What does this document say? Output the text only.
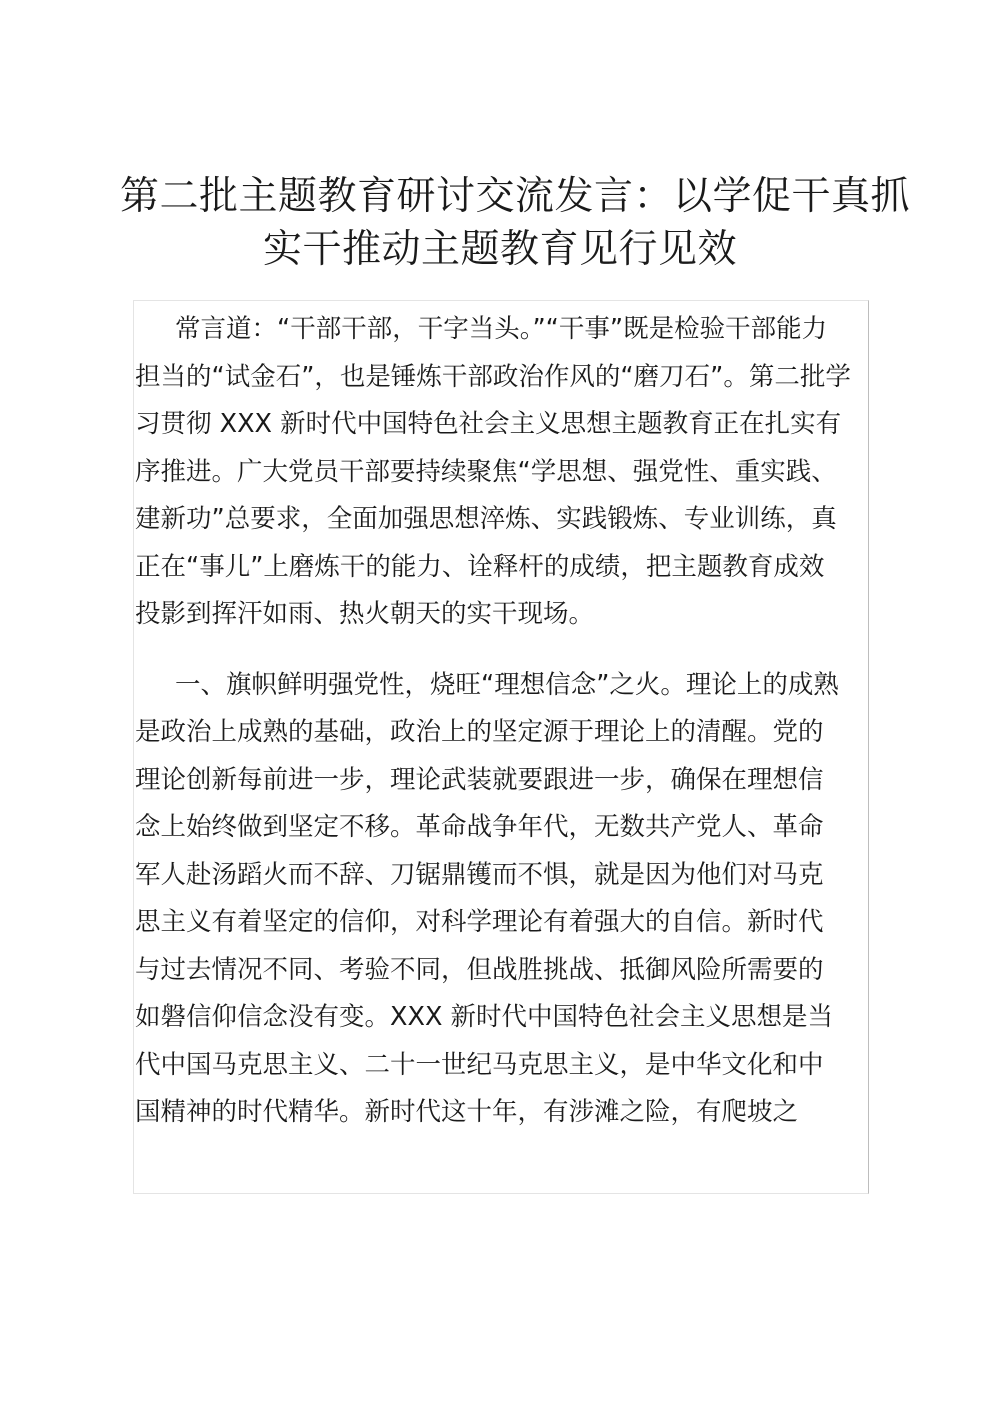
第二批主题教育研讨交流发言：以学促干真抓
实干推动主题教育见行见效

常言道：“干部干部，干字当头。”“干事”既是检验干部能力
担当的“试金石”，也是锤炼干部政治作风的“磨刀石”。第二批学
习贯彻 XXX 新时代中国特色社会主义思想主题教育正在扎实有
序推进。广大党员干部要持续聚焦“学思想、强党性、重实践、
建新功”总要求，全面加强思想淬炼、实践锻炼、专业训练，真
正在“事儿”上磨炼干的能力、诠释杆的成绩，把主题教育成效
投影到挥汗如雨、热火朝天的实干现场。

一、旗帜鲜明强党性，烧旺“理想信念”之火。理论上的成熟
是政治上成熟的基础，政治上的坚定源于理论上的清醒。党的
理论创新每前进一步，理论武装就要跟进一步，确保在理想信
念上始终做到坚定不移。革命战争年代，无数共产党人、革命
军人赴汤蹈火而不辞、刀锯鼎镬而不惧，就是因为他们对马克
思主义有着坚定的信仰，对科学理论有着强大的自信。新时代
与过去情况不同、考验不同，但战胜挑战、抵御风险所需要的
如磐信仰信念没有变。XXX 新时代中国特色社会主义思想是当
代中国马克思主义、二十一世纪马克思主义，是中华文化和中
国精神的时代精华。新时代这十年，有涉滩之险，有爬坡之
